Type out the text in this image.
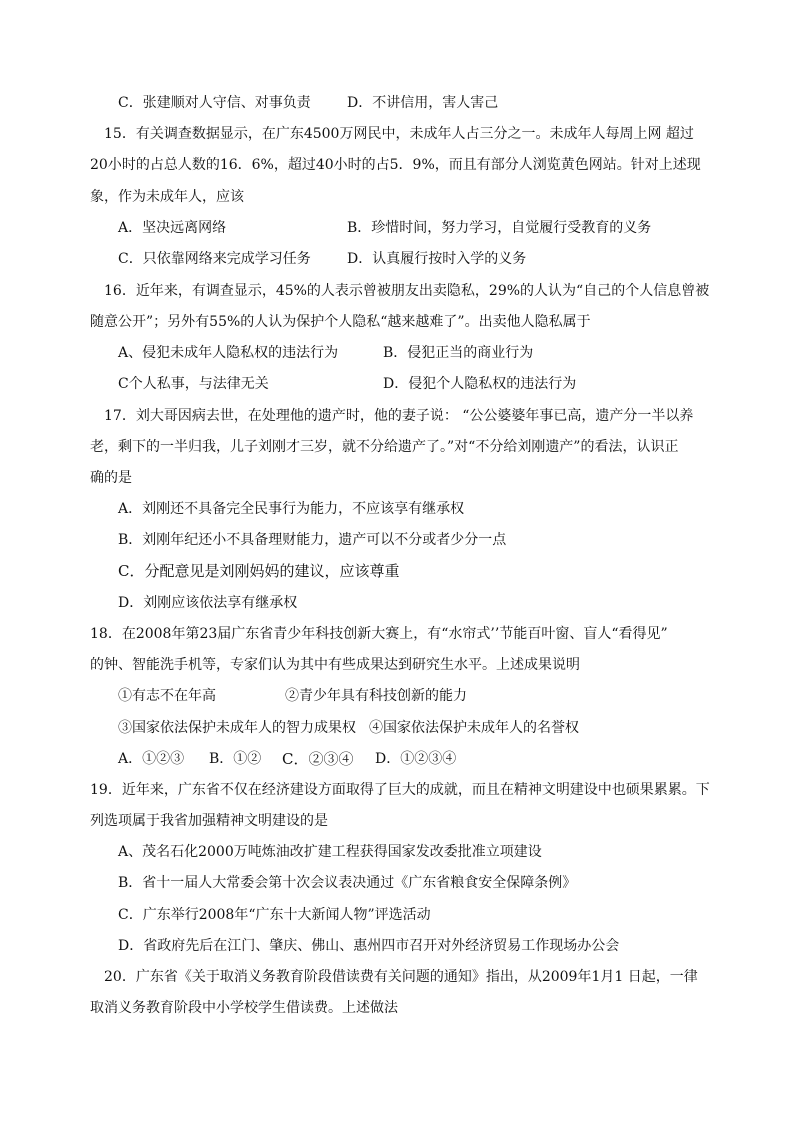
C．张建顺对人守信、对事负责	D．不讲信用，害人害己
15．有关调查数据显示，在广东4500万网民中，未成年人占三分之一。未成年人每周上网 超过
20小时的占总人数的16．6%，超过40小时的占5．9%，而且有部分人浏览黄色网站。针对上述现
象，作为未成年人，应该
A．坚决远离网络	B．珍惜时间，努力学习，自觉履行受教育的义务
C．只依靠网络来完成学习任务	D．认真履行按时入学的义务
16．近年来，有调查显示，45%的人表示曾被朋友出卖隐私，29%的人认为“自己的个人信息曾被
随意公开”；另外有55%的人认为保护个人隐私“越来越难了”。出卖他人隐私属于
A、侵犯未成年人隐私权的违法行为	B．侵犯正当的商业行为
C个人私事，与法律无关	D．侵犯个人隐私权的违法行为
17．刘大哥因病去世，在处理他的遗产时，他的妻子说： “公公婆婆年事已高，遗产分一半以养
老，剩下的一半归我，儿子刘刚才三岁，就不分给遗产了。”对“不分给刘刚遗产”的看法，认识正
确的是
A．刘刚还不具备完全民事行为能力，不应该享有继承权
B．刘刚年纪还小不具备理财能力，遗产可以不分或者少分一点
C．分配意见是刘刚妈妈的建议，应该尊重
D．刘刚应该依法享有继承权
18．在2008年第23届广东省青少年科技创新大赛上，有“水帘式’’节能百叶窗、盲人“看得见”
的钟、智能洗手机等，专家们认为其中有些成果达到研究生水平。上述成果说明
①有志不在年高	②青少年具有科技创新的能力
③国家依法保护未成年人的智力成果权 ④国家依法保护未成年人的名誉权
A．①②③ B．①② C．②③④ D．①②③④
19．近年来，广东省不仅在经济建设方面取得了巨大的成就，而且在精神文明建设中也硕果累累。下
列选项属于我省加强精神文明建设的是
A、茂名石化2000万吨炼油改扩建工程获得国家发改委批准立项建设
B．省十一届人大常委会第十次会议表决通过《广东省粮食安全保障条例》
C．广东举行2008年“广东十大新闻人物”评选活动
D．省政府先后在江门、肇庆、佛山、惠州四市召开对外经济贸易工作现场办公会
20．广东省《关于取消义务教育阶段借读费有关问题的通知》指出，从2009年1月1 日起，一律
取消义务教育阶段中小学校学生借读费。上述做法
